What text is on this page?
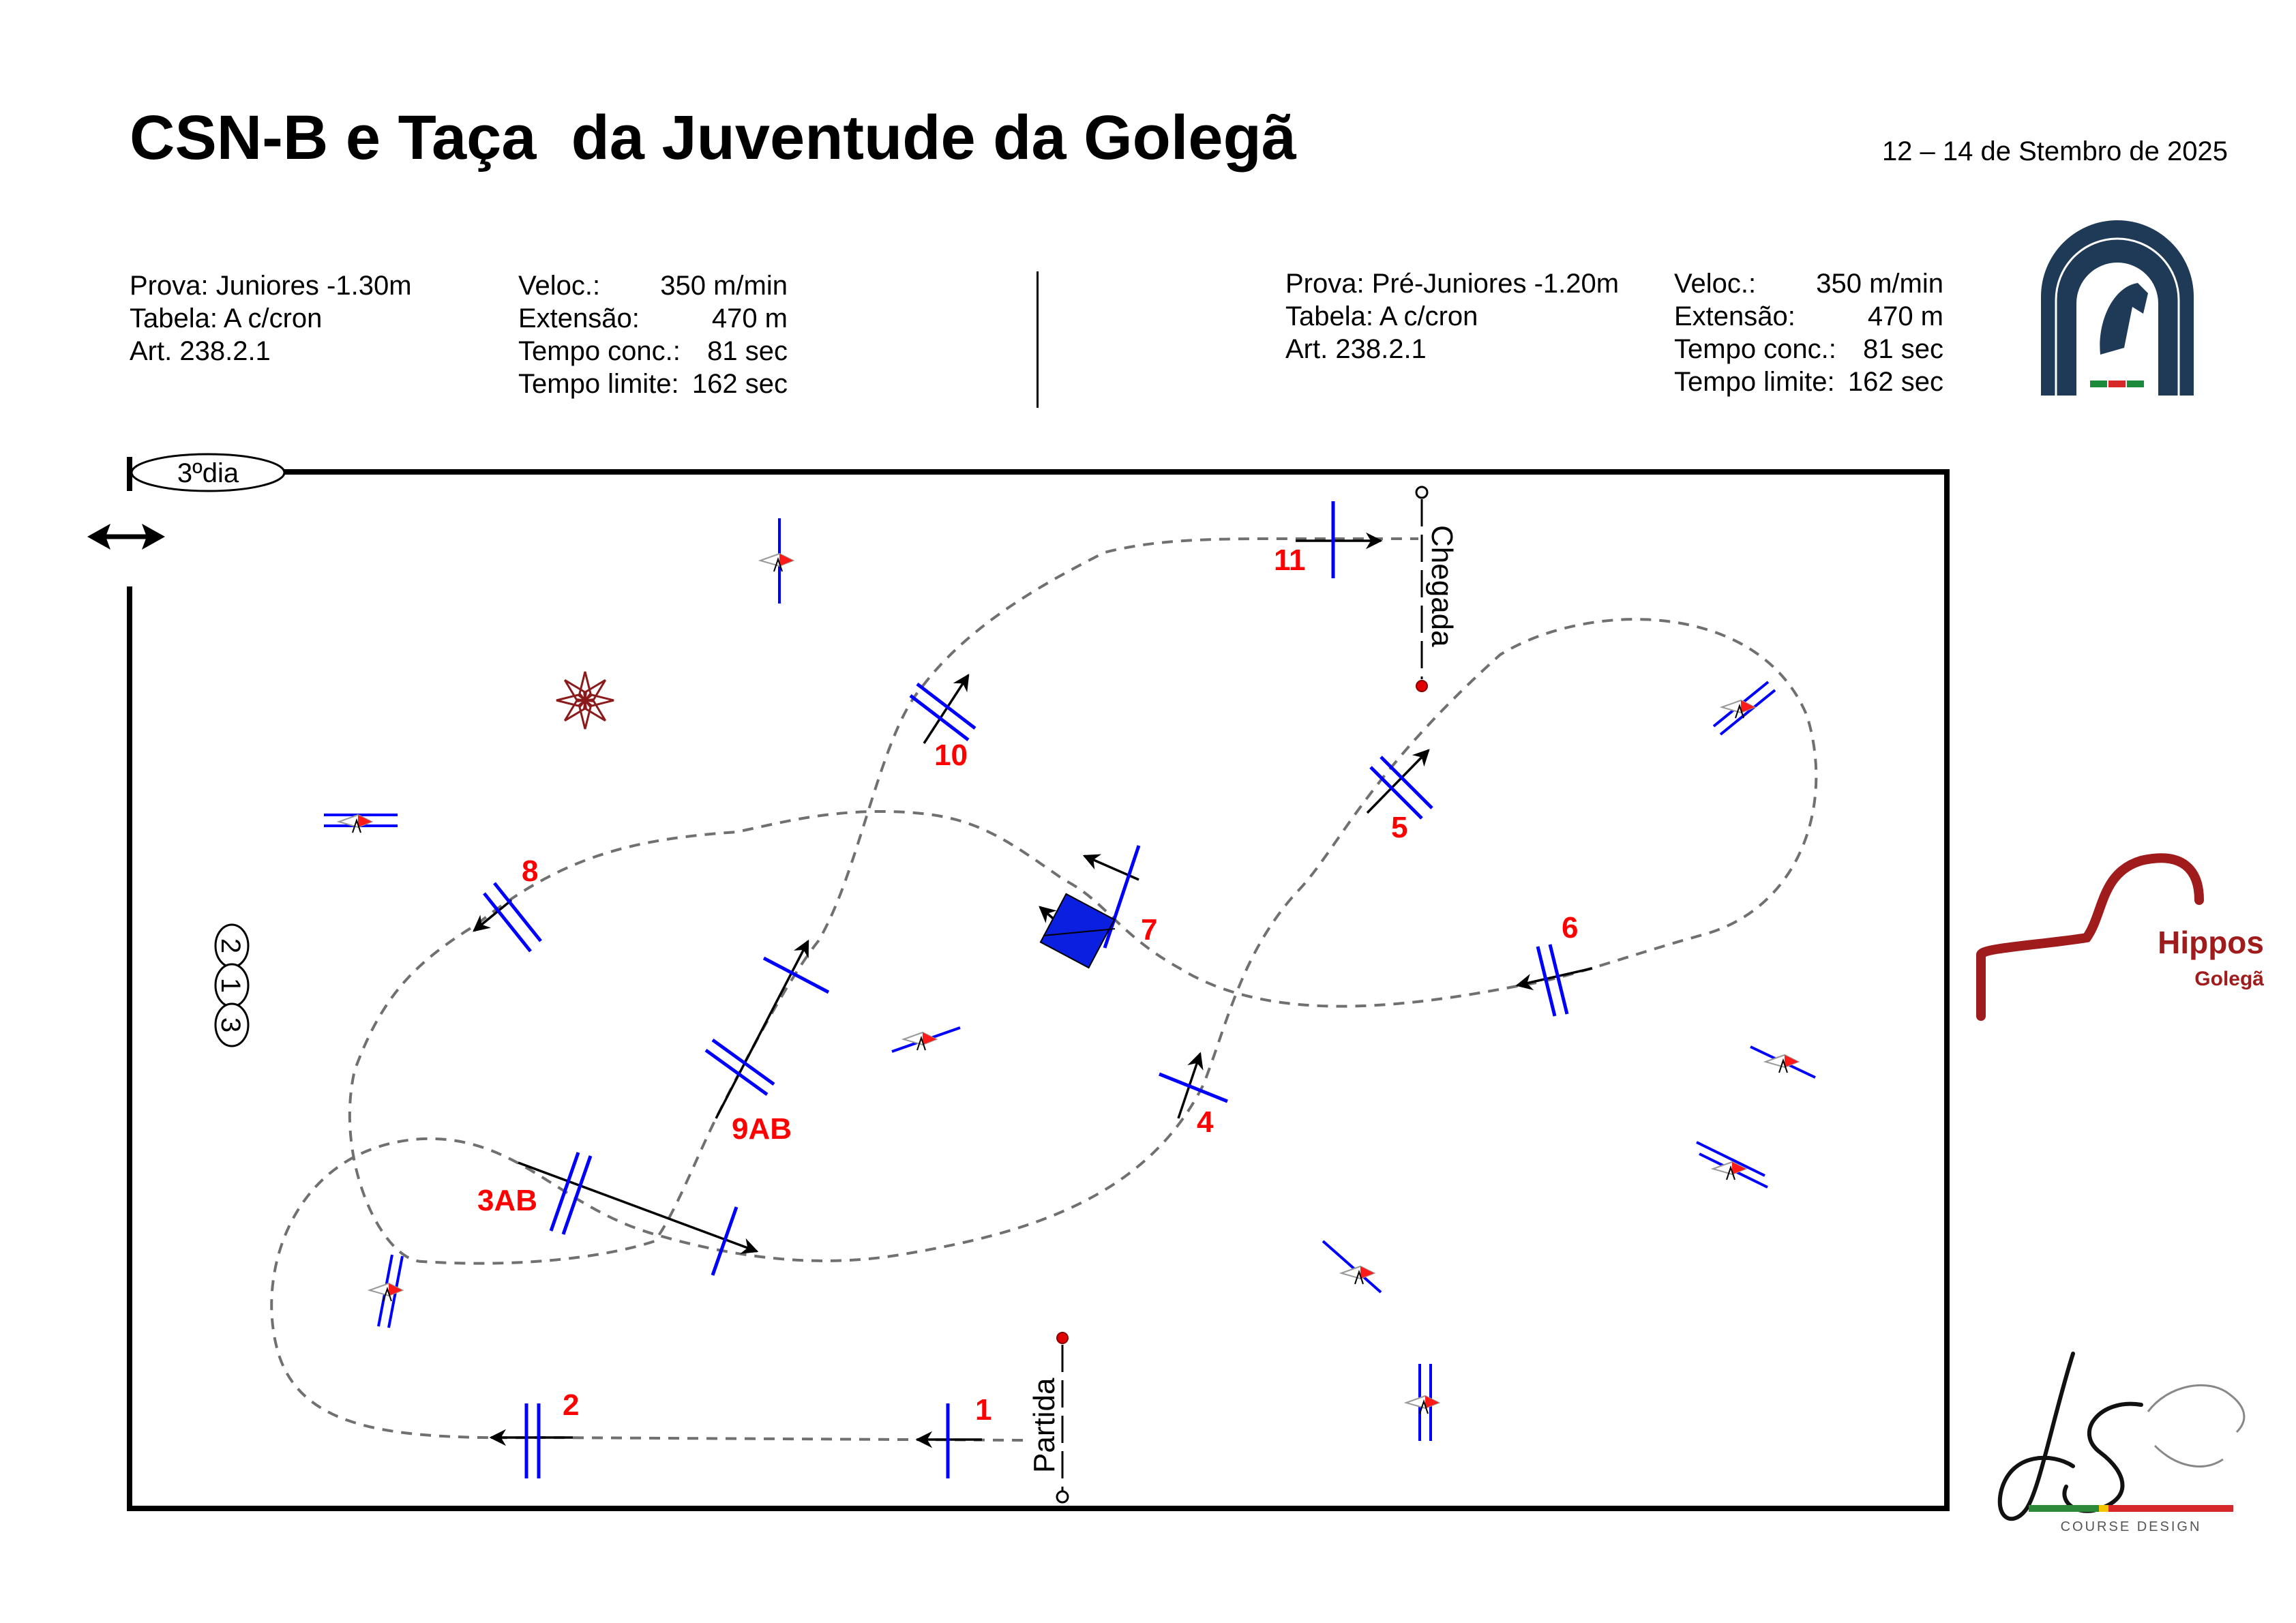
CSN-B e Taça  da Juventude da Golegã	12 – 14 de Stembro de 2025
Prova: Juniores -1.30m
Tabela: A c/cron
Art. 238.2.1
Veloc.:	350 m/min
Extensão:	470 m
Tempo conc.: 81 sec
Tempo limite: 162 sec
Prova: Pré-Juniores -1.20m
Tabela: A c/cron
Art. 238.2.1
Veloc.:	350 m/min
Extensão:	470 m
Tempo conc.: 81 sec
Tempo limite: 162 sec
Hippos
Golegã
COURSE DESIGN
3ºdia
2
1
3
Partida
Chegada
1
2
3AB
4
5
6
7
8
9AB
10
11
